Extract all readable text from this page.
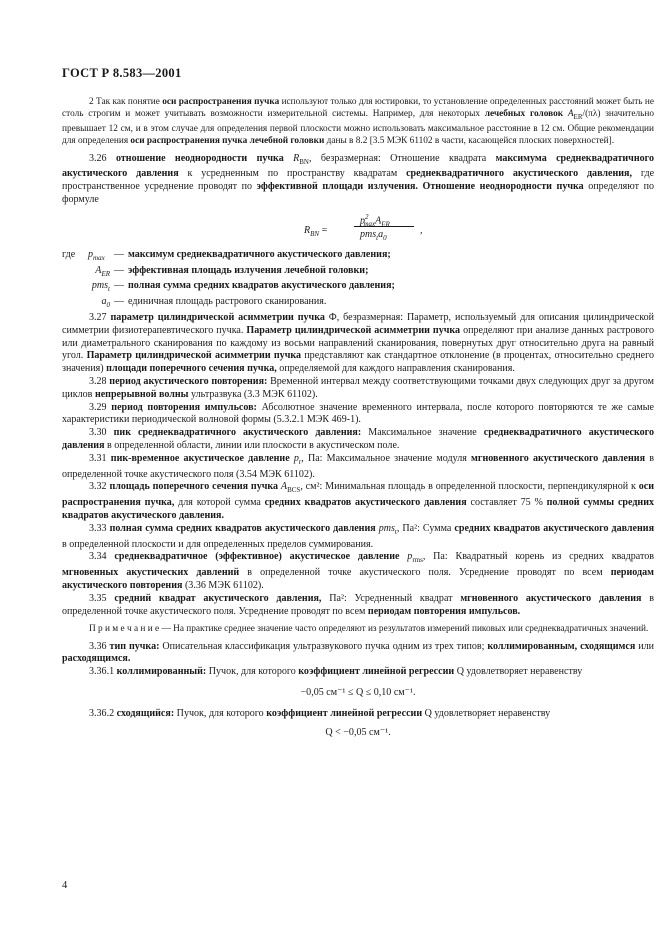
ГОСТ Р 8.583—2001

2 Так как понятие оси распространения пучка используют только для юстировки, то установление определенных расстояний может быть не столь строгим и может учитывать возможности измерительной системы. Например, для некоторых лечебных головок $A_{ER}/(\pi\lambda)$ значительно превышает 12 см, и в этом случае для определения первой плоскости можно использовать максимальное расстояние в 12 см. Общие рекомендации для определения оси распространения пучка лечебной головки даны в 8.2 [3.5 МЭК 61102 в части, касающейся плоских поверхностей].

3.26 отношение неоднородности пучка $R_{BN}$, безразмерная: Отношение квадрата максимума среднеквадратичного акустического давления к усредненным по пространству квадратам среднеквадратичного акустического давления, где пространственное усреднение проводят по эффективной площади излучения. Отношение неоднородности пучка определяют по формуле

$R_{BN}$ =
$p^2_{max}A_{ER}$
$pms_ta_0$
,
где	$p_{max}$ — максимум среднеквадратичного акустического давления;
$A_{ER}$ — эффективная площадь излучения лечебной головки;
pms$_t$ — полная сумма средних квадратов акустического давления;
$a_0$ — единичная площадь растрового сканирования.

3.27 параметр цилиндрической асимметрии пучка Ф, безразмерная: Параметр, используемый для описания цилиндрической симметрии физиотерапевтического пучка. Параметр цилиндрической асимметрии пучка определяют при анализе данных растрового или диаметрального сканирования по каждому из восьми направлений сканирования, повернутых друг относительно друга на равный угол. Параметр цилиндрической асимметрии пучка представляют как стандартное отклонение (в процентах, относительно среднего значения) площади поперечного сечения пучка, определяемой для каждого направления сканирования.

3.28 период акустического повторения: Временной интервал между соответствующими точками двух следующих друг за другом циклов непрерывной волны ультразвука (3.3 МЭК 61102).

3.29 период повторения импульсов: Абсолютное значение временного интервала, после которого повторяются те же самые характеристики периодической волновой формы (5.3.2.1 МЭК 469-1).

3.30 пик среднеквадратичного акустического давления: Максимальное значение среднеквадратичного акустического давления в определенной области, линии или плоскости в акустическом поле.

3.31 пик-временное акустическое давление $p_r$, Па: Максимальное значение модуля мгновенного акустического давления в определенной точке акустического поля (3.54 МЭК 61102).

3.32 площадь поперечного сечения пучка $A_{BCS}$, см²: Минимальная площадь в определенной плоскости, перпендикулярной к оси распространения пучка, для которой сумма средних квадратов акустического давления составляет 75 % полной суммы средних квадратов акустического давления.

3.33 полная сумма средних квадратов акустического давления pms$_t$, Па²: Сумма средних квадратов акустического давления в определенной плоскости и для определенных пределов суммирования.

3.34 среднеквадратичное (эффективное) акустическое давление $p_{rms}$, Па: Квадратный корень из средних квадратов мгновенных акустических давлений в определенной точке акустического поля. Усреднение проводят по всем периодам акустического повторения (3.36 МЭК 61102).

3.35 средний квадрат акустического давления, Па²: Усредненный квадрат мгновенного акустического давления в определенной точке акустического поля. Усреднение проводят по всем периодам повторения импульсов.

П р и м е ч а н и е — На практике среднее значение часто определяют из результатов измерений пиковых или среднеквадратичных значений.

3.36 тип пучка: Описательная классификация ультразвукового пучка одним из трех типов; коллимированным, сходящимся или расходящимся.

3.36.1 коллимированный: Пучок, для которого коэффициент линейной регрессии Q удовлетворяет неравенству

−0,05 см⁻¹ ≤ Q ≤ 0,10 см⁻¹.

3.36.2 сходящийся: Пучок, для которого коэффициент линейной регрессии Q удовлетворяет неравенству

Q < −0,05 см⁻¹.

4
